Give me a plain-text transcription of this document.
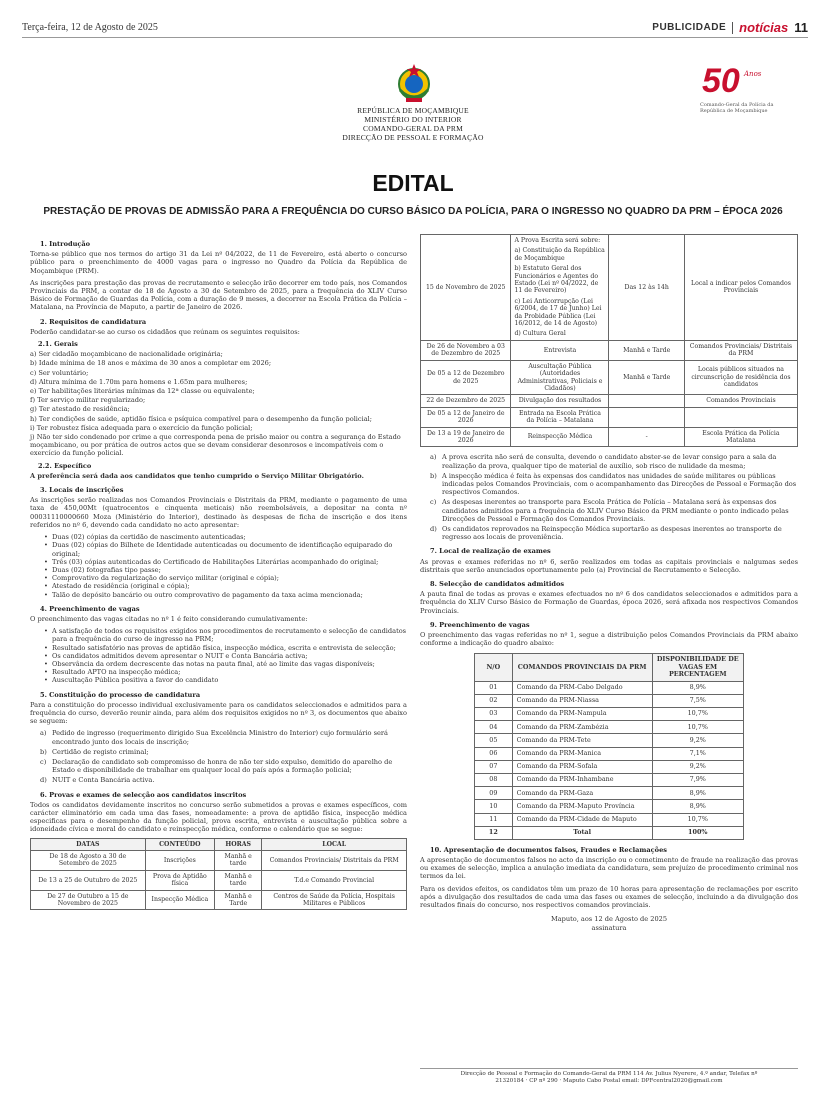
Terça-feira, 12 de Agosto de 2025	PUBLICIDADE notícias 11
50 Anos
Comando-Geral da Polícia da República de Moçambique
REPÚBLICA DE MOÇAMBIQUE
MINISTÉRIO DO INTERIOR
COMANDO-GERAL DA PRM
DIRECÇÃO DE PESSOAL E FORMAÇÃO
EDITAL
PRESTAÇÃO DE PROVAS DE ADMISSÃO PARA A FREQUÊNCIA DO CURSO BÁSICO DA POLÍCIA, PARA O INGRESSO NO QUADRO DA PRM – ÉPOCA 2026
1. Introdução

Torna-se público que nos termos do artigo 31 da Lei nº 04/2022, de 11 de Fevereiro, está aberto o concurso público para o preenchimento de 4000 vagas para o ingresso no Quadro da Polícia da República de Moçambique (PRM).

As inscrições para prestação das provas de recrutamento e selecção irão decorrer em todo país, nos Comandos Provinciais da PRM, a contar de 18 de Agosto a 30 de Setembro de 2025, para a frequência do XLIV Curso Básico de Formação de Guardas da Polícia, com a duração de 9 meses, a decorrer na Escola Prática da Polícia – Matalana, na Província de Maputo, a partir de Janeiro de 2026.

2. Requisitos de candidatura

Poderão candidatar-se ao curso os cidadãos que reúnam os seguintes requisitos:

2.1. Gerais
a) Ser cidadão moçambicano de nacionalidade originária;
b) Idade mínima de 18 anos e máxima de 30 anos a completar em 2026;
c) Ser voluntário;
d) Altura mínima de 1.70m para homens e 1.65m para mulheres;
e) Ter habilitações literárias mínimas da 12ª classe ou equivalente;
f) Ter serviço militar regularizado;
g) Ter atestado de residência;
h) Ter condições de saúde, aptidão física e psíquica compatível para o desempenho da função policial;
i) Ter robustez física adequada para o exercício da função policial;
j) Não ter sido condenado por crime a que corresponda pena de prisão maior ou contra a segurança do Estado moçambicano, ou por prática de outros actos que se devam considerar desonrosos e incompatíveis com o exercício da função policial.
2.2. Específico

A preferência será dada aos candidatos que tenho cumprido o Serviço Militar Obrigatório.

3. Locais de inscrições

As inscrições serão realizadas nos Comandos Provinciais e Distritais da PRM, mediante o pagamento de uma taxa de 450,00Mt (quatrocentos e cinquenta meticais) não reembolsáveis, a depositar na conta nº 00031110000660 Moza (Ministério do Interior), destinado às despesas de ficha de inscrição e dos itens referidos no nº 6, devendo cada candidato no acto apresentar:

• Duas (02) cópias da certidão de nascimento autenticadas;
• Duas (02) cópias do Bilhete de Identidade autenticadas ou documento de identificação equiparado do original;
• Três (03) cópias autenticadas do Certificado de Habilitações Literárias acompanhado do original;
• Duas (02) fotografias tipo passe;
• Comprovativo da regularização do serviço militar (original e cópia);
• Atestado de residência (original e cópia);
• Talão de depósito bancário ou outro comprovativo de pagamento da taxa acima mencionada;
4. Preenchimento de vagas

O preenchimento das vagas citadas no nº 1 é feito considerando cumulativamente:

• A satisfação de todos os requisitos exigidos nos procedimentos de recrutamento e selecção de candidatos para a frequência do curso de ingresso na PRM;
• Resultado satisfatório nas provas de aptidão física, inspecção médica, escrita e entrevista de selecção;
• Os candidatos admitidos devem apresentar o NUIT e Conta Bancária activa;
• Observância da ordem decrescente das notas na pauta final, até ao limite das vagas disponíveis;
• Resultado APTO na inspecção médica;
• Auscultação Pública positiva a favor do candidato
5. Constituição do processo de candidatura

Para a constituição do processo individual exclusivamente para os candidatos seleccionados e admitidos para a frequência do curso, deverão reunir ainda, para além dos requisitos exigidos no nº 3, os documentos que abaixo se seguem:

a) Pedido de ingresso (requerimento dirigido Sua Excelência Ministro do Interior) cujo formulário será encontrado junto dos locais de inscrição;
b) Certidão de registo criminal;
c) Declaração de candidato sob compromisso de honra de não ter sido expulso, demitido do aparelho de Estado e disponibilidade de trabalhar em qualquer local do país após a formação policial;
d) NUIT e Conta Bancária activa.
6. Provas e exames de selecção aos candidatos inscritos

Todos os candidatos devidamente inscritos no concurso serão submetidos a provas e exames específicos, com carácter eliminatório em cada uma das fases, nomeadamente: a prova de aptidão física, inspecção médica especificas para o desempenho da função policial, prova escrita, entrevista e auscultação pública sobre a idoneidade cívica e moral do candidato e reinspecção médica, conforme o calendário que se segue:

DATAS	CONTEÚDO	HORAS	LOCAL
De 18 de Agosto a 30 de Setembro de 2025	Inscrições	Manhã e tarde	Comandos Provinciais/ Distritais da PRM
De 13 a 25 de Outubro de 2025	Prova de Aptidão física	Manhã e tarde	T.d.e Comando Provincial
De 27 de Outubro a 15 de Novembro de 2025	Inspecção Médica	Manhã e Tarde	Centros de Saúde da Polícia, Hospitais Militares e Públicos
15 de Novembro de 2025	A Prova Escrita será sobre:
a) Constituição da República de Moçambique
b) Estatuto Geral dos Funcionários e Agentes do Estado (Lei nº 04/2022, de 11 de Fevereiro)
c) Lei Anticorrupção (Lei 6/2004, de 17 de Junho) Lei da Probidade Pública (Lei 16/2012, de 14 de Agosto)
d) Cultura Geral	Das 12 às 14h	Local a indicar pelos Comandos Provinciais
De 26 de Novembro a 03 de Dezembro de 2025	Entrevista	Manhã e Tarde	Comandos Provinciais/ Distritais da PRM
De 05 a 12 de Dezembro de 2025	Auscultação Pública (Autoridades Administrativas, Policiais e Cidadãos)	Manhã e Tarde	Locais públicos situados na circunscrição de residência dos candidatos
22 de Dezembro de 2025	Divulgação dos resultados		Comandos Provinciais
De 05 a 12 de Janeiro de 2026	Entrada na Escola Prática da Polícia – Matalana		
De 13 a 19 de Janeiro de 2026	Reinspecção Médica	-	Escola Prática da Polícia Matalana
a) A prova escrita não será de consulta, devendo o candidato abster-se de levar consigo para a sala da realização da prova, qualquer tipo de material de auxílio, sob risco de nulidade da mesma;
b) A inspecção médica é feita às expensas dos candidatos nas unidades de saúde militares ou públicas indicadas pelos Comandos Provinciais, com o acompanhamento das Direcções de Pessoal e Formação dos respectivos Comandos.
c) As despesas inerentes ao transporte para Escola Prática de Polícia – Matalana será às expensas dos candidatos admitidos para a frequência do XLIV Curso Básico da PRM mediante o ponto indicado pelas Direcções de Pessoal e Formação dos Comandos Provinciais.
d) Os candidatos reprovados na Reinspecção Médica suportarão as despesas inerentes ao transporte de regresso aos locais de proveniência.
7. Local de realização de exames

As provas e exames referidas no nº 6, serão realizados em todas as capitais provinciais e nalgumas sedes distritais que serão anunciados oportunamente pelo (a) Provincial de Recrutamento e Selecção.

8. Selecção de candidatos admitidos

A pauta final de todas as provas e exames efectuados no nº 6 dos candidatos seleccionados e admitidos para a frequência do XLIV Curso Básico de Formação de Guardas, época 2026, será afixada nos respectivos Comandos Provinciais.

9. Preenchimento de vagas

O preenchimento das vagas referidas no nº 1, segue a distribuição pelos Comandos Provinciais da PRM abaixo conforme a indicação do quadro abaixo:

N/O	COMANDOS PROVINCIAIS DA PRM	DISPONIBILIDADE DE VAGAS EM PERCENTAGEM
01	Comando da PRM-Cabo Delgado	8,9%
02	Comando da PRM-Niassa	7,5%
03	Comando da PRM-Nampula	10,7%
04	Comando da PRM-Zambézia	10,7%
05	Comando da PRM-Tete	9,2%
06	Comando da PRM-Manica	7,1%
07	Comando da PRM-Sofala	9,2%
08	Comando da PRM-Inhambane	7,9%
09	Comando da PRM-Gaza	8,9%
10	Comando da PRM-Maputo Província	8,9%
11	Comando da PRM-Cidade de Maputo	10,7%
12	Total	100%
10. Apresentação de documentos falsos, Fraudes e Reclamações

A apresentação de documentos falsos no acto da inscrição ou o cometimento de fraude na realização das provas ou exames de selecção, implica a anulação imediata da candidatura, sem prejuízo de procedimento criminal nos termos da lei.

Para os devidos efeitos, os candidatos têm um prazo de 10 horas para apresentação de reclamações por escrito após a divulgação dos resultados de cada uma das fases ou exames de selecção, incluindo a da divulgação dos resultados finais do concurso, nos respectivos comandos provinciais.

Maputo, aos 12 de Agosto de 2025
assinatura
Direcção de Pessoal e Formação do Comando-Geral da PRM 114 Av. Julius Nyerere, 4.º andar, Telefax nº
21320184 · CP nº 290 · Maputo Cabo Postal email: DPFcentral2020@gmail.com
